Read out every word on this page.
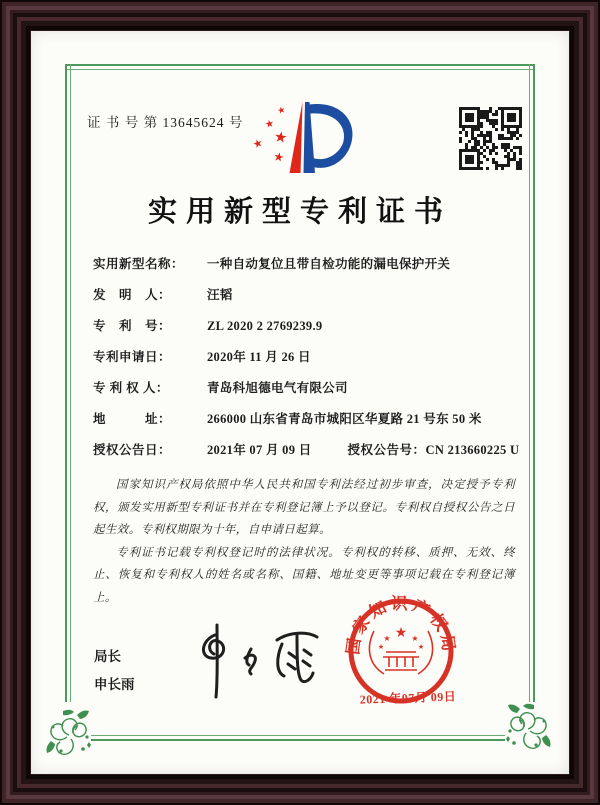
证 书 号 第 13645624 号
★
★
★
★
★
实用新型专利证书
实用新型名称： 一种自动复位且带自检功能的漏电保护开关
发　明　人：	汪韬
专　利　号：	ZL 2020 2 2769239.9
专利申请日：	2020年 11 月 26 日
专 利 权 人：	青岛科旭德电气有限公司
地　　　址：	266000 山东省青岛市城阳区华夏路 21 号东 50 米
授权公告日：	2021年 07 月 09 日	授权公告号：CN 213660225 U

国家知识产权局依照中华人民共和国专利法经过初步审查，决定授予专利权，颁发实用新型专利证书并在专利登记簿上予以登记。专利权自授权公告之日起生效。专利权期限为十年，自申请日起算。

专利证书记载专利权登记时的法律状况。专利权的转移、质押、无效、终止、恢复和专利权人的姓名或名称、国籍、地址变更等事项记载在专利登记簿上。

局长
申长雨
国家知识产权局
★
★	★
★	★
2021 年07月 09日
